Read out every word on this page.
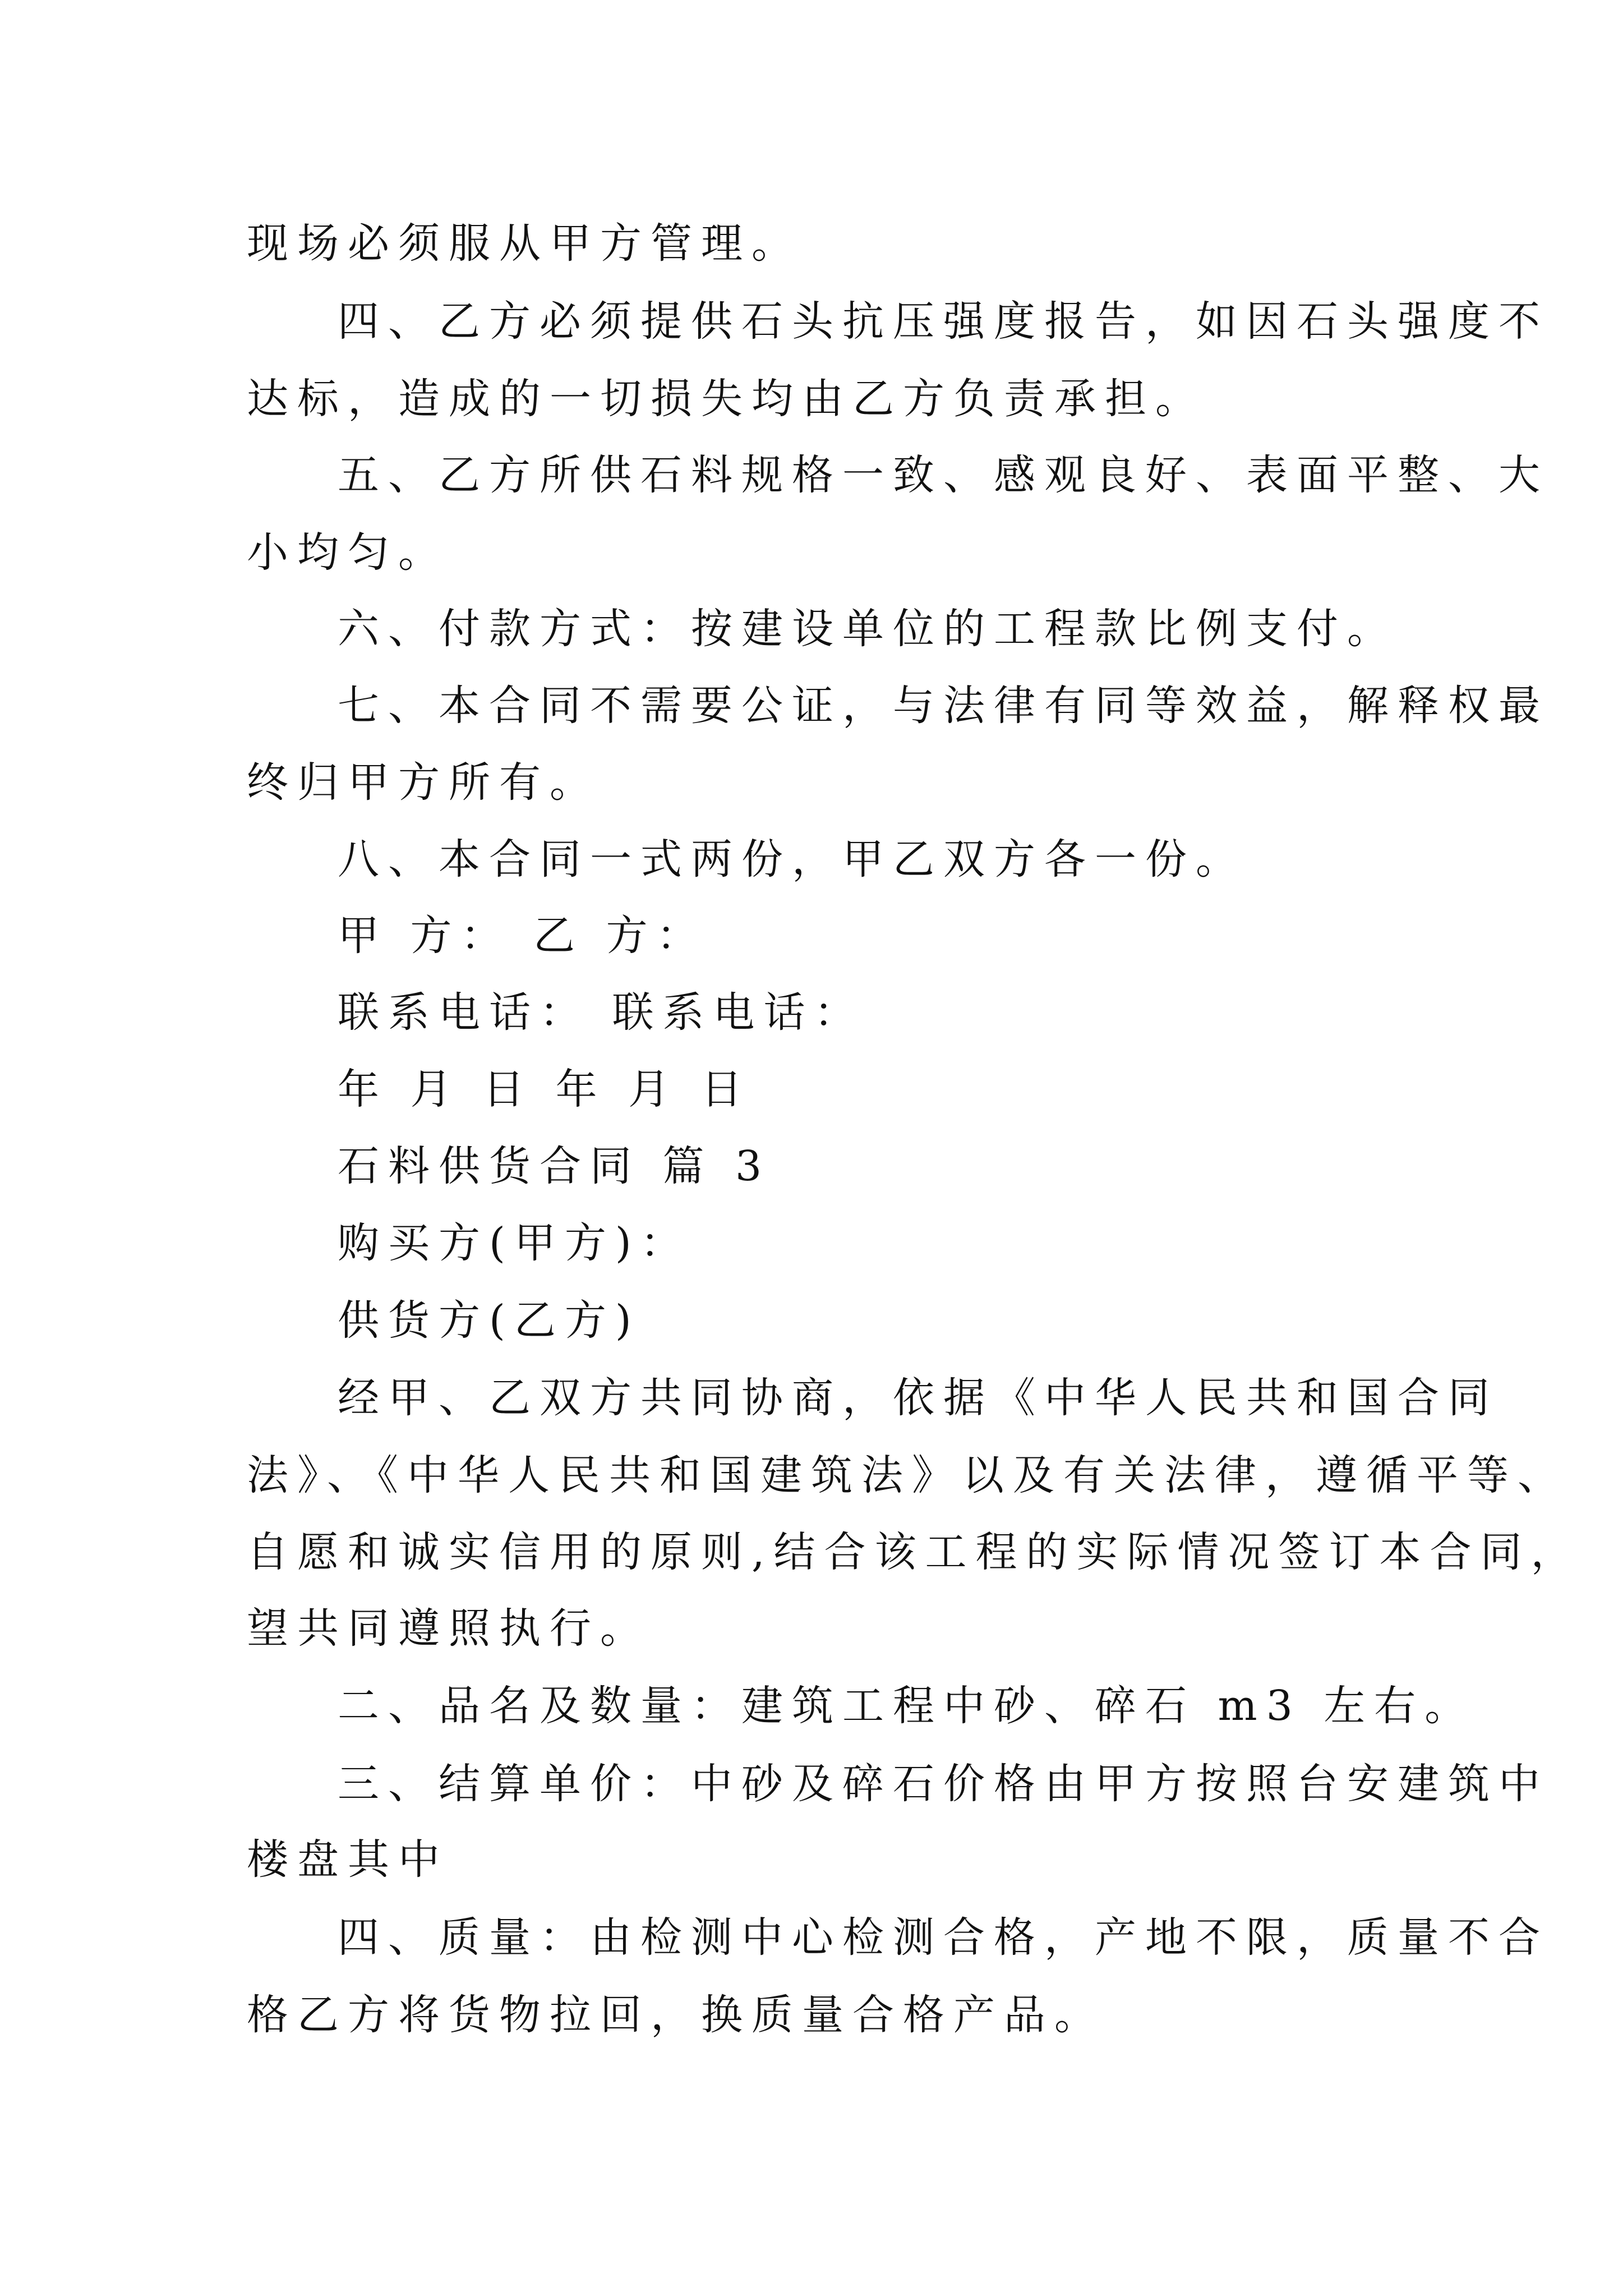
现场必须服从甲方管理。
四、乙方必须提供石头抗压强度报告，如因石头强度不
达标，造成的一切损失均由乙方负责承担。
五、乙方所供石料规格一致、感观良好、表面平整、大
小均匀。
六、付款方式：按建设单位的工程款比例支付。
七、本合同不需要公证，与法律有同等效益，解释权最
终归甲方所有。
八、本合同一式两份，甲乙双方各一份。
甲 方： 乙 方：
联系电话： 联系电话：
年 月 日 年 月 日
石料供货合同 篇 3
购买方(甲方)：
供货方(乙方)
经甲、乙双方共同协商，依据《中华人民共和国合同
法》、《中华人民共和国建筑法》以及有关法律，遵循平等、
自愿和诚实信用的原则,结合该工程的实际情况签订本合同，
望共同遵照执行。
二、品名及数量：建筑工程中砂、碎石 m3 左右。
三、结算单价：中砂及碎石价格由甲方按照台安建筑中
楼盘其中
四、质量：由检测中心检测合格，产地不限，质量不合
格乙方将货物拉回，换质量合格产品。
